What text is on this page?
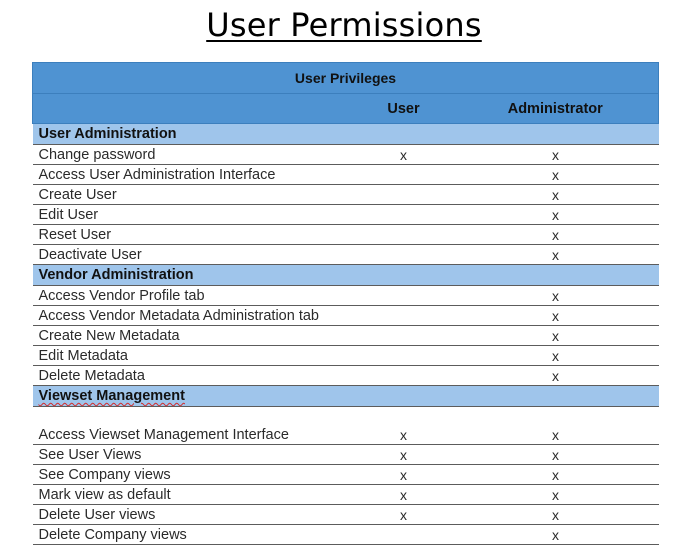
User Permissions
User Privileges		
	User	Administrator
User Administration		
Change password	x	x
Access User Administration Interface		x
Create User		x
Edit User		x
Reset User		x
Deactivate User		x
Vendor Administration		
Access Vendor Profile tab		x
Access Vendor Metadata Administration tab		x
Create New Metadata		x
Edit Metadata		x
Delete Metadata		x
Viewset Management		
Access Viewset Management Interface	x	x
See User Views	x	x
See Company views	x	x
Mark view as default	x	x
Delete User views	x	x
Delete Company views		x
